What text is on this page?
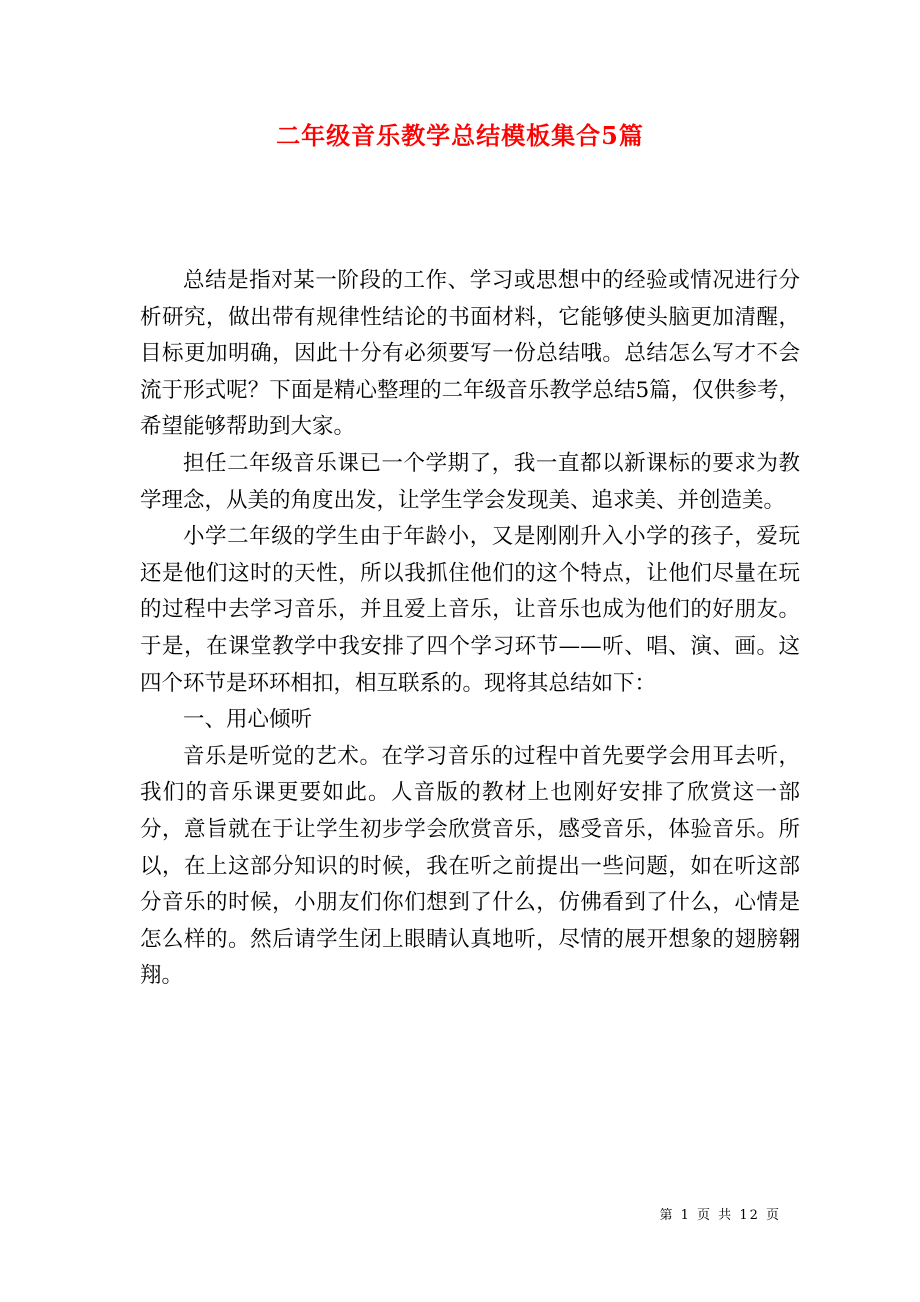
二年级音乐教学总结模板集合5篇

总结是指对某一阶段的工作、学习或思想中的经验或情况进行分析研究，做出带有规律性结论的书面材料，它能够使头脑更加清醒，目标更加明确，因此十分有必须要写一份总结哦。总结怎么写才不会流于形式呢？下面是精心整理的二年级音乐教学总结5篇，仅供参考，希望能够帮助到大家。

担任二年级音乐课已一个学期了，我一直都以新课标的要求为教学理念，从美的角度出发，让学生学会发现美、追求美、并创造美。

小学二年级的学生由于年龄小，又是刚刚升入小学的孩子，爱玩还是他们这时的天性，所以我抓住他们的这个特点，让他们尽量在玩的过程中去学习音乐，并且爱上音乐，让音乐也成为他们的好朋友。于是，在课堂教学中我安排了四个学习环节——听、唱、演、画。这四个环节是环环相扣，相互联系的。现将其总结如下：

一、用心倾听

音乐是听觉的艺术。在学习音乐的过程中首先要学会用耳去听，我们的音乐课更要如此。人音版的教材上也刚好安排了欣赏这一部分，意旨就在于让学生初步学会欣赏音乐，感受音乐，体验音乐。所以，在上这部分知识的时候，我在听之前提出一些问题，如在听这部分音乐的时候，小朋友们你们想到了什么，仿佛看到了什么，心情是怎么样的。然后请学生闭上眼睛认真地听，尽情的展开想象的翅膀翱翔。

第 1 页 共 12 页
